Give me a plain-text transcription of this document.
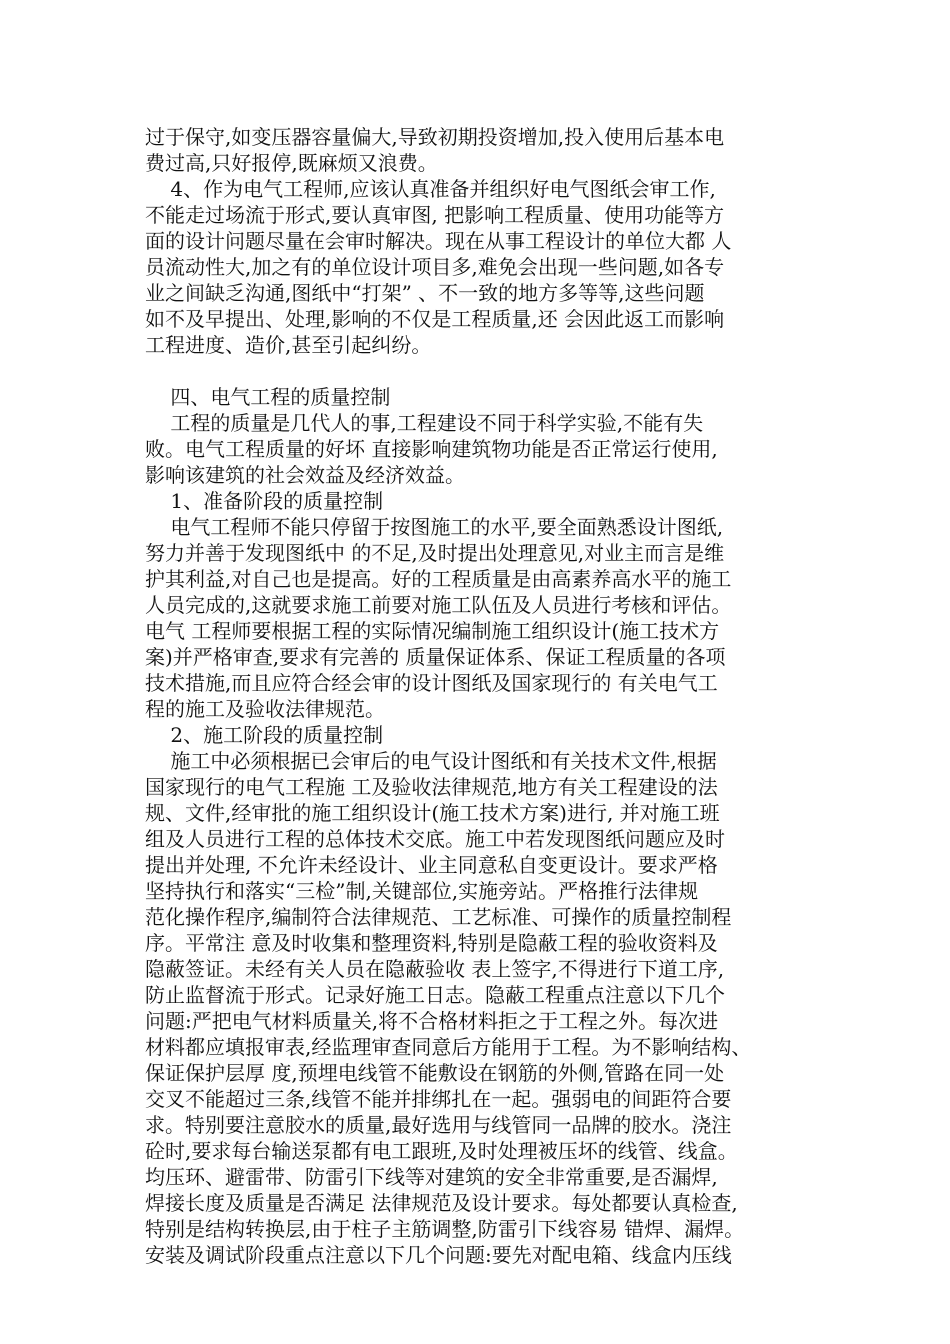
过于保守,如变压器容量偏大,导致初期投资增加,投入使用后基本电
费过高,只好报停,既麻烦又浪费。
4、作为电气工程师,应该认真准备并组织好电气图纸会审工作,
不能走过场流于形式,要认真审图, 把影响工程质量、使用功能等方
面的设计问题尽量在会审时解决。现在从事工程设计的单位大都 人
员流动性大,加之有的单位设计项目多,难免会出现一些问题,如各专
业之间缺乏沟通,图纸中“打架” 、不一致的地方多等等,这些问题
如不及早提出、处理,影响的不仅是工程质量,还 会因此返工而影响
工程进度、造价,甚至引起纠纷。
四、电气工程的质量控制
工程的质量是几代人的事,工程建设不同于科学实验,不能有失
败。电气工程质量的好坏 直接影响建筑物功能是否正常运行使用,
影响该建筑的社会效益及经济效益。
1、准备阶段的质量控制
电气工程师不能只停留于按图施工的水平,要全面熟悉设计图纸,
努力并善于发现图纸中 的不足,及时提出处理意见,对业主而言是维
护其利益,对自己也是提高。好的工程质量是由高素养高水平的施工
人员完成的,这就要求施工前要对施工队伍及人员进行考核和评估。
电气 工程师要根据工程的实际情况编制施工组织设计(施工技术方
案)并严格审查,要求有完善的 质量保证体系、保证工程质量的各项
技术措施,而且应符合经会审的设计图纸及国家现行的 有关电气工
程的施工及验收法律规范。
2、施工阶段的质量控制
施工中必须根据已会审后的电气设计图纸和有关技术文件,根据
国家现行的电气工程施 工及验收法律规范,地方有关工程建设的法
规、文件,经审批的施工组织设计(施工技术方案)进行, 并对施工班
组及人员进行工程的总体技术交底。施工中若发现图纸问题应及时
提出并处理, 不允许未经设计、业主同意私自变更设计。要求严格
坚持执行和落实“三检”制,关键部位,实施旁站。严格推行法律规
范化操作程序,编制符合法律规范、工艺标准、可操作的质量控制程
序。平常注 意及时收集和整理资料,特别是隐蔽工程的验收资料及
隐蔽签证。未经有关人员在隐蔽验收 表上签字,不得进行下道工序,
防止监督流于形式。记录好施工日志。隐蔽工程重点注意以下几个
问题:严把电气材料质量关,将不合格材料拒之于工程之外。每次进
材料都应填报审表,经监理审查同意后方能用于工程。为不影响结构、
保证保护层厚 度,预埋电线管不能敷设在钢筋的外侧,管路在同一处
交叉不能超过三条,线管不能并排绑扎在一起。强弱电的间距符合要
求。特别要注意胶水的质量,最好选用与线管同一品牌的胶水。浇注
砼时,要求每台输送泵都有电工跟班,及时处理被压坏的线管、线盒。
均压环、避雷带、防雷引下线等对建筑的安全非常重要,是否漏焊,
焊接长度及质量是否满足 法律规范及设计要求。每处都要认真检查,
特别是结构转换层,由于柱子主筋调整,防雷引下线容易 错焊、漏焊。
安装及调试阶段重点注意以下几个问题:要先对配电箱、线盒内压线
